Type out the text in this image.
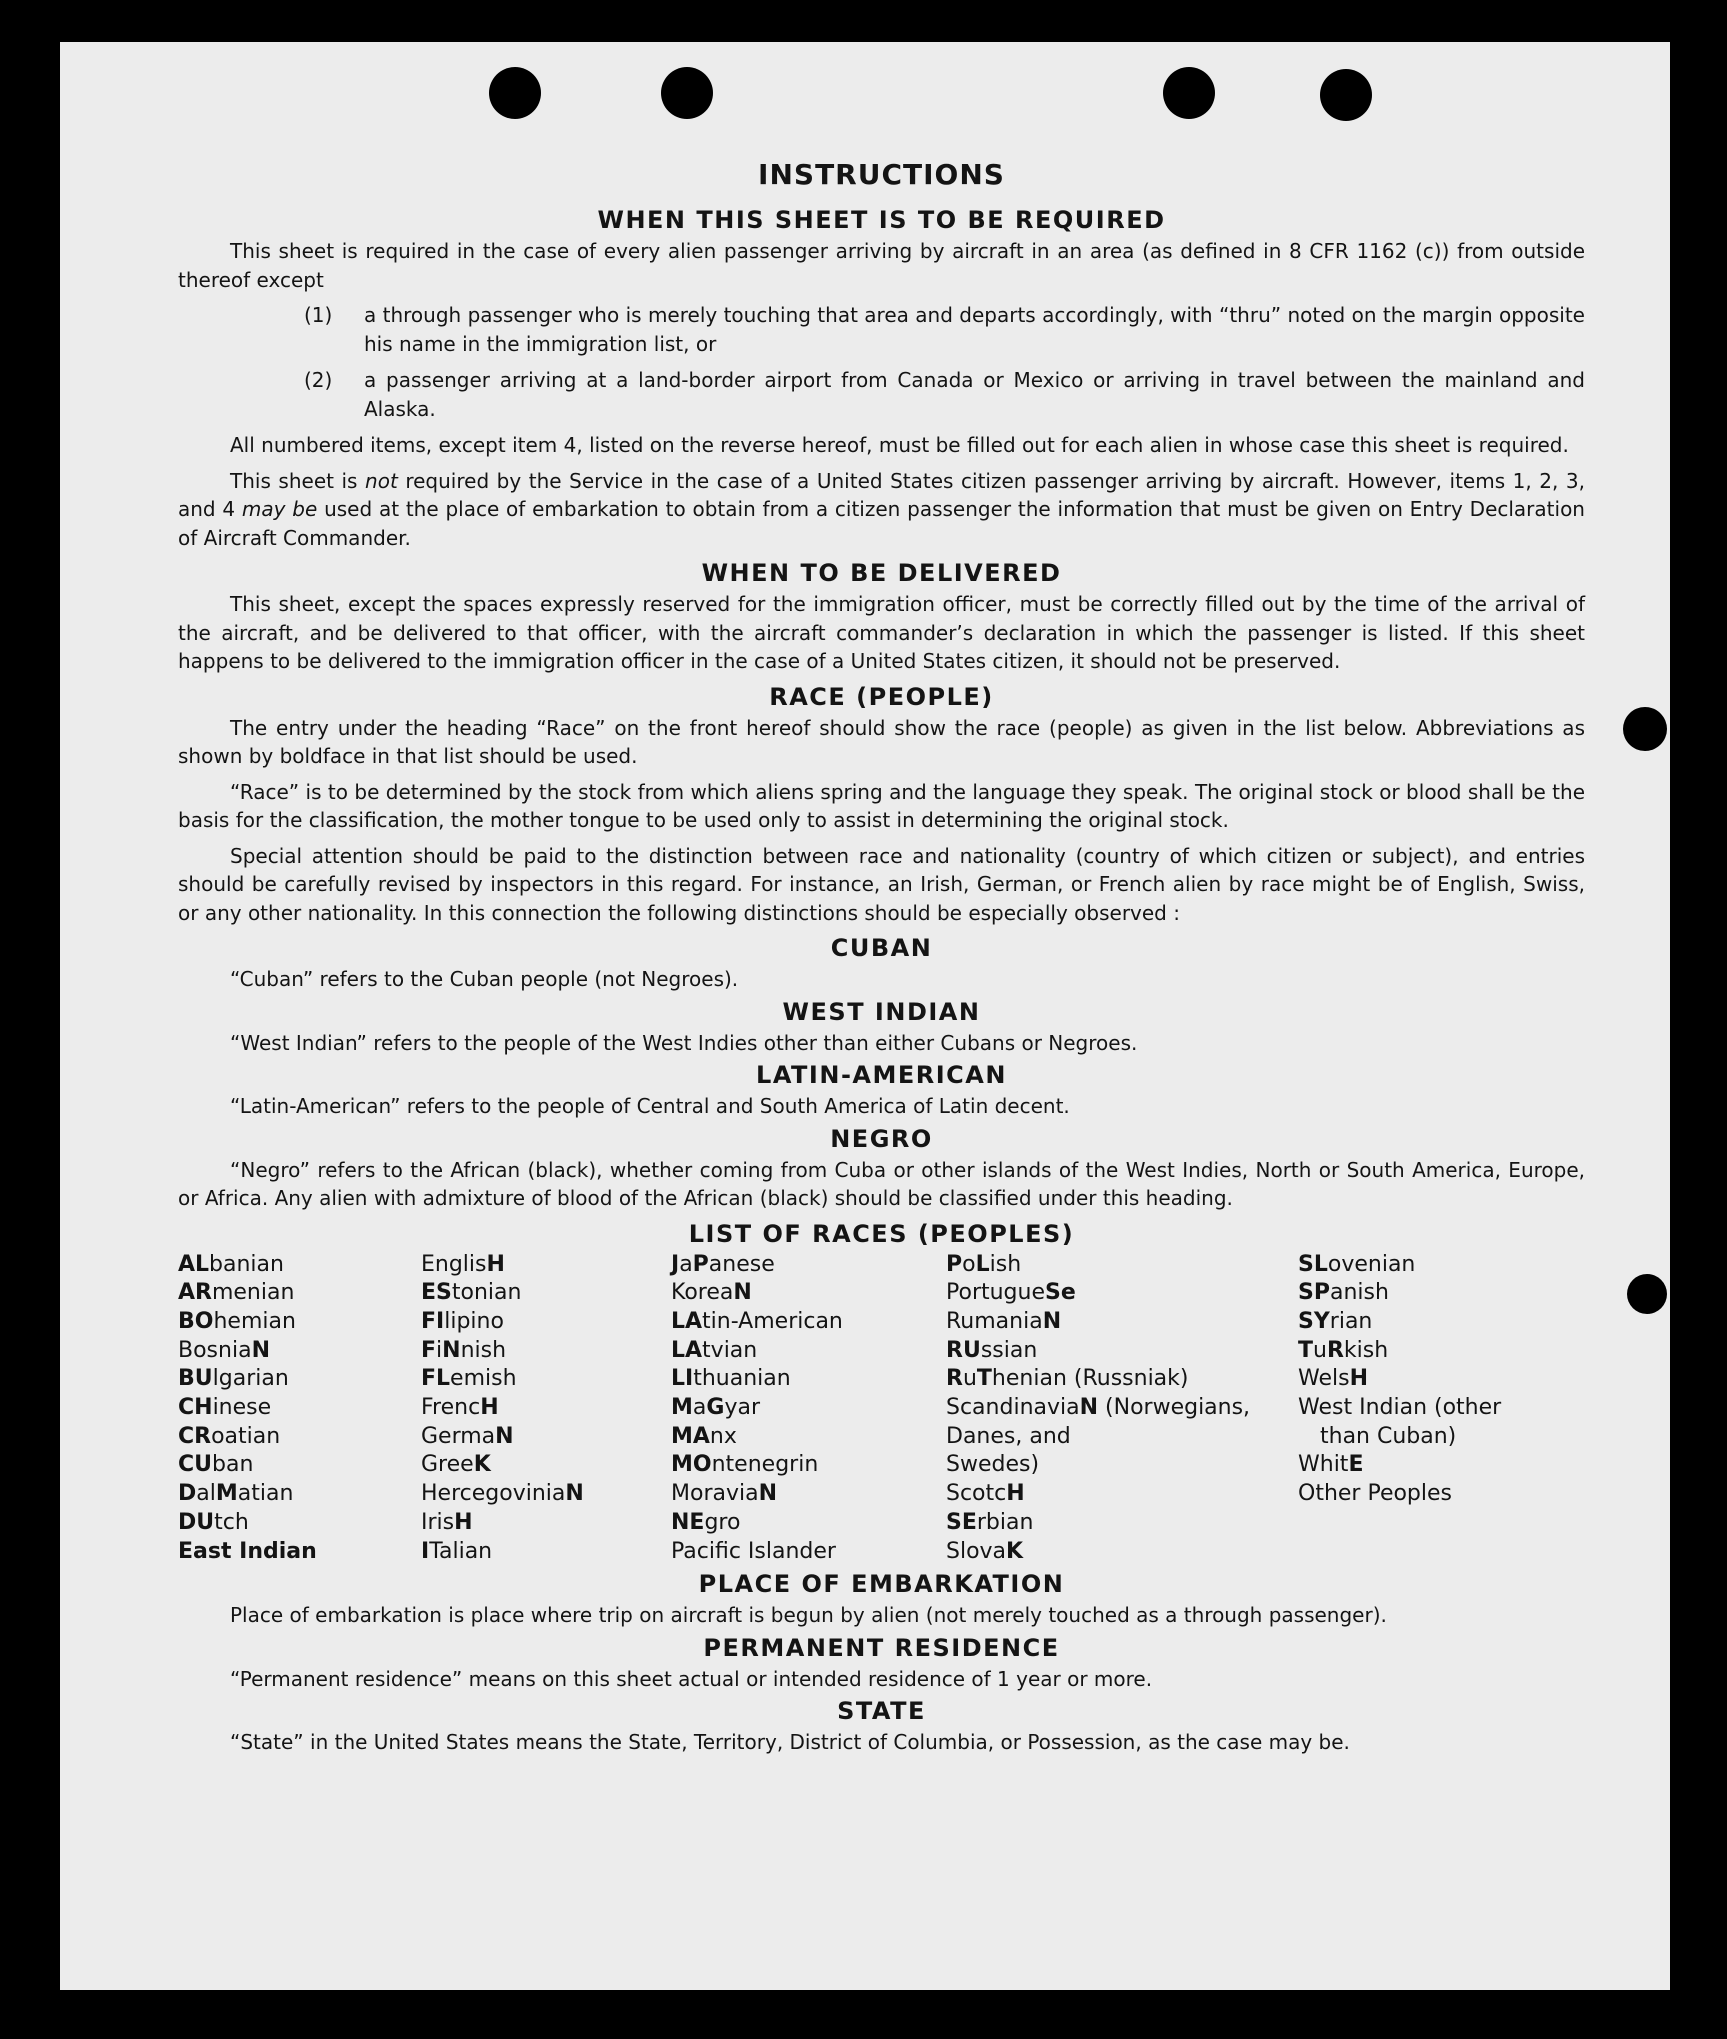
INSTRUCTIONS
WHEN THIS SHEET IS TO BE REQUIRED

This sheet is required in the case of every alien passenger arriving by aircraft in an area (as defined in 8 CFR 1162 (c)) from outside thereof except

(1)	a through passenger who is merely touching that area and departs accordingly, with “thru” noted on the margin opposite his name in the immigration list, or
(2)	a passenger arriving at a land-border airport from Canada or Mexico or arriving in travel between the mainland and Alaska.

All numbered items, except item 4, listed on the reverse hereof, must be filled out for each alien in whose case this sheet is required.

This sheet is not required by the Service in the case of a United States citizen passenger arriving by aircraft. However, items 1, 2, 3, and 4 may be used at the place of embarkation to obtain from a citizen passenger the information that must be given on Entry Declaration of Aircraft Commander.

WHEN TO BE DELIVERED

This sheet, except the spaces expressly reserved for the immigration officer, must be correctly filled out by the time of the arrival of the aircraft, and be delivered to that officer, with the aircraft commander’s declaration in which the passenger is listed. If this sheet happens to be delivered to the immigration officer in the case of a United States citizen, it should not be preserved.

RACE (PEOPLE)

The entry under the heading “Race” on the front hereof should show the race (people) as given in the list below. Abbreviations as shown by boldface in that list should be used.

“Race” is to be determined by the stock from which aliens spring and the language they speak. The original stock or blood shall be the basis for the classification, the mother tongue to be used only to assist in determining the original stock.

Special attention should be paid to the distinction between race and nationality (country of which citizen or subject), and entries should be carefully revised by inspectors in this regard. For instance, an Irish, German, or French alien by race might be of English, Swiss, or any other nationality. In this connection the following distinctions should be especially observed :

CUBAN
“Cuban” refers to the Cuban people (not Negroes).
WEST INDIAN
“West Indian” refers to the people of the West Indies other than either Cubans or Negroes.
LATIN-AMERICAN
“Latin-American” refers to the people of Central and South America of Latin decent.
NEGRO

“Negro” refers to the African (black), whether coming from Cuba or other islands of the West Indies, North or South America, Europe, or Africa. Any alien with admixture of blood of the African (black) should be classified under this heading.

LIST OF RACES (PEOPLES)
ALbanian
ARmenian
BOhemian
BosniaN
BUlgarian
CHinese
CRoatian
CUban
DalMatian
DUtch
East Indian
EnglisH
EStonian
FIlipino
FiNnish
FLemish
FrencH
GermaN
GreeK
HercegoviniaN
IrisH
ITalian
JaPanese
KoreaN
LAtin-American
LAtvian
LIthuanian
MaGyar
MAnx
MOntenegrin
MoraviaN
NEgro
Pacific Islander
PoLish
PortugueSe
RumaniaN
RUssian
RuThenian (Russniak)
ScandinaviaN (Norwegians,
Danes, and
Swedes)
ScotcH
SErbian
SlovaK
SLovenian
SPanish
SYrian
TuRkish
WelsH
West Indian (other
than Cuban)
WhitE
Other Peoples
PLACE OF EMBARKATION
Place of embarkation is place where trip on aircraft is begun by alien (not merely touched as a through passenger).
PERMANENT RESIDENCE
“Permanent residence” means on this sheet actual or intended residence of 1 year or more.
STATE
“State” in the United States means the State, Territory, District of Columbia, or Possession, as the case may be.
